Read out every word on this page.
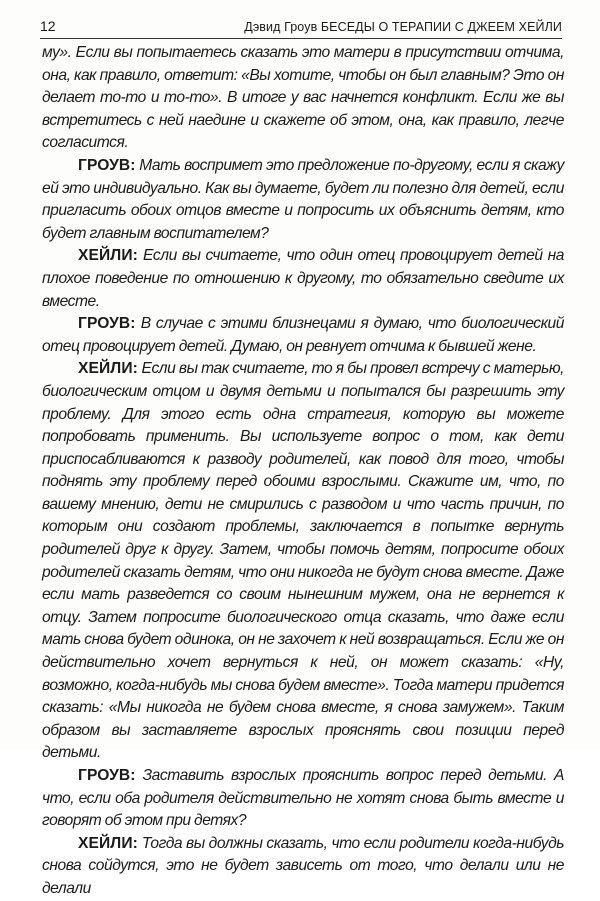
12	Дэвид Гроув БЕСЕДЫ О ТЕРАПИИ С ДЖЕЕМ ХЕЙЛИ

му». Если вы попытаетесь сказать это матери в присутствии отчима, она, как правило, ответит: «Вы хотите, чтобы он был главным? Это он делает то-то и то-то». В итоге у вас начнется конфликт. Если же вы встретитесь с ней наедине и скажете об этом, она, как правило, легче согласится.

ГРОУВ: Мать воспримет это предложение по-другому, если я скажу ей это индивидуально. Как вы думаете, будет ли полезно для детей, если пригласить обоих отцов вместе и попросить их объяснить детям, кто будет главным воспитателем?

ХЕЙЛИ: Если вы считаете, что один отец провоцирует детей на плохое поведение по отношению к другому, то обязательно сведите их вместе.

ГРОУВ: В случае с этими близнецами я думаю, что биологический отец провоцирует детей. Думаю, он ревнует отчима к бывшей жене.

ХЕЙЛИ: Если вы так считаете, то я бы провел встречу с матерью, биологическим отцом и двумя детьми и попытался бы разрешить эту проблему. Для этого есть одна стратегия, которую вы можете попробовать применить. Вы используете вопрос о том, как дети приспосабливаются к разводу родителей, как повод для того, чтобы поднять эту проблему перед обоими взрослыми. Скажите им, что, по вашему мнению, дети не смирились с разводом и что часть причин, по которым они создают проблемы, заключается в попытке вернуть родителей друг к другу. Затем, чтобы помочь детям, попросите обоих родителей сказать детям, что они никогда не будут снова вместе. Даже если мать разведется со своим нынешним мужем, она не вернется к отцу. Затем попросите биологического отца сказать, что даже если мать снова будет одинока, он не захочет к ней возвращаться. Если же он действительно хочет вернуться к ней, он может сказать: «Ну, возможно, когда-нибудь мы снова будем вместе». Тогда матери придется сказать: «Мы никогда не будем снова вместе, я снова замужем». Таким образом вы заставляете взрослых прояснять свои позиции перед детьми.

ГРОУВ: Заставить взрослых прояснить вопрос перед детьми. А что, если оба родителя действительно не хотят снова быть вместе и говорят об этом при детях?

ХЕЙЛИ: Тогда вы должны сказать, что если родители когда-нибудь снова сойдутся, это не будет зависеть от того, что делали или не делали
